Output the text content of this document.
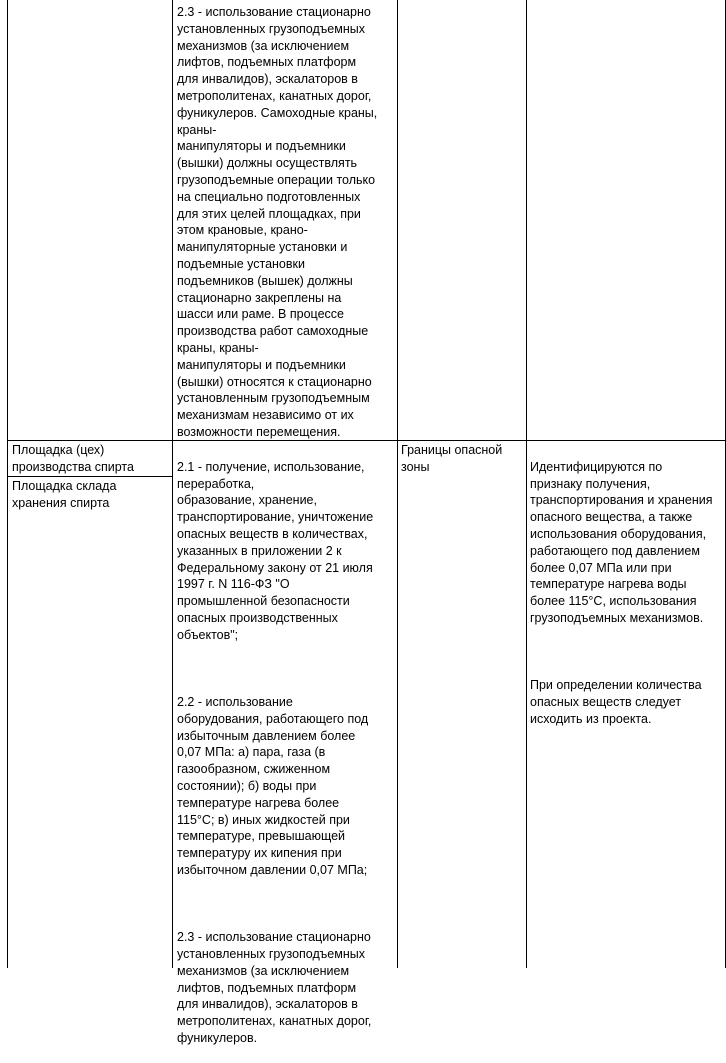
2.3 - использование стационарно
установленных грузоподъемных
механизмов (за исключением
лифтов, подъемных платформ
для инвалидов), эскалаторов в
метрополитенах, канатных дорог,
фуникулеров. Самоходные краны,
краны-
манипуляторы и подъемники
(вышки) должны осуществлять
грузоподъемные операции только
на специально подготовленных
для этих целей площадках, при
этом крановые, крано-
манипуляторные установки и
подъемные установки
подъемников (вышек) должны
стационарно закреплены на
шасси или раме. В процессе
производства работ самоходные
краны, краны-
манипуляторы и подъемники
(вышки) относятся к стационарно
установленным грузоподъемным
механизмам независимо от их
возможности перемещения.
Площадка (цех)
производства спирта
Площадка склада
хранения спирта

2.1 - получение, использование,
переработка,
образование, хранение,
транспортирование, уничтожение
опасных веществ в количествах,
указанных в приложении 2 к
Федеральному закону от 21 июля
1997 г. N 116-ФЗ "О
промышленной безопасности
опасных производственных
объектов";

2.2 - использование
оборудования, работающего под
избыточным давлением более
0,07 МПа: а) пара, газа (в
газообразном, сжиженном
состоянии); б) воды при
температуре нагрева более
115°С; в) иных жидкостей при
температуре, превышающей
температуру их кипения при
избыточном давлении 0,07 МПа;

2.3 - использование стационарно
установленных грузоподъемных
механизмов (за исключением
лифтов, подъемных платформ
для инвалидов), эскалаторов в
метрополитенах, канатных дорог,
фуникулеров.

Границы опасной
зоны	Идентифицируются по
признаку получения,
транспортирования и хранения
опасного вещества, а также
использования оборудования,
работающего под давлением
более 0,07 МПа или при
температуре нагрева воды
более 115°С, использования
грузоподъемных механизмов.

При определении количества
опасных веществ следует
исходить из проекта.
